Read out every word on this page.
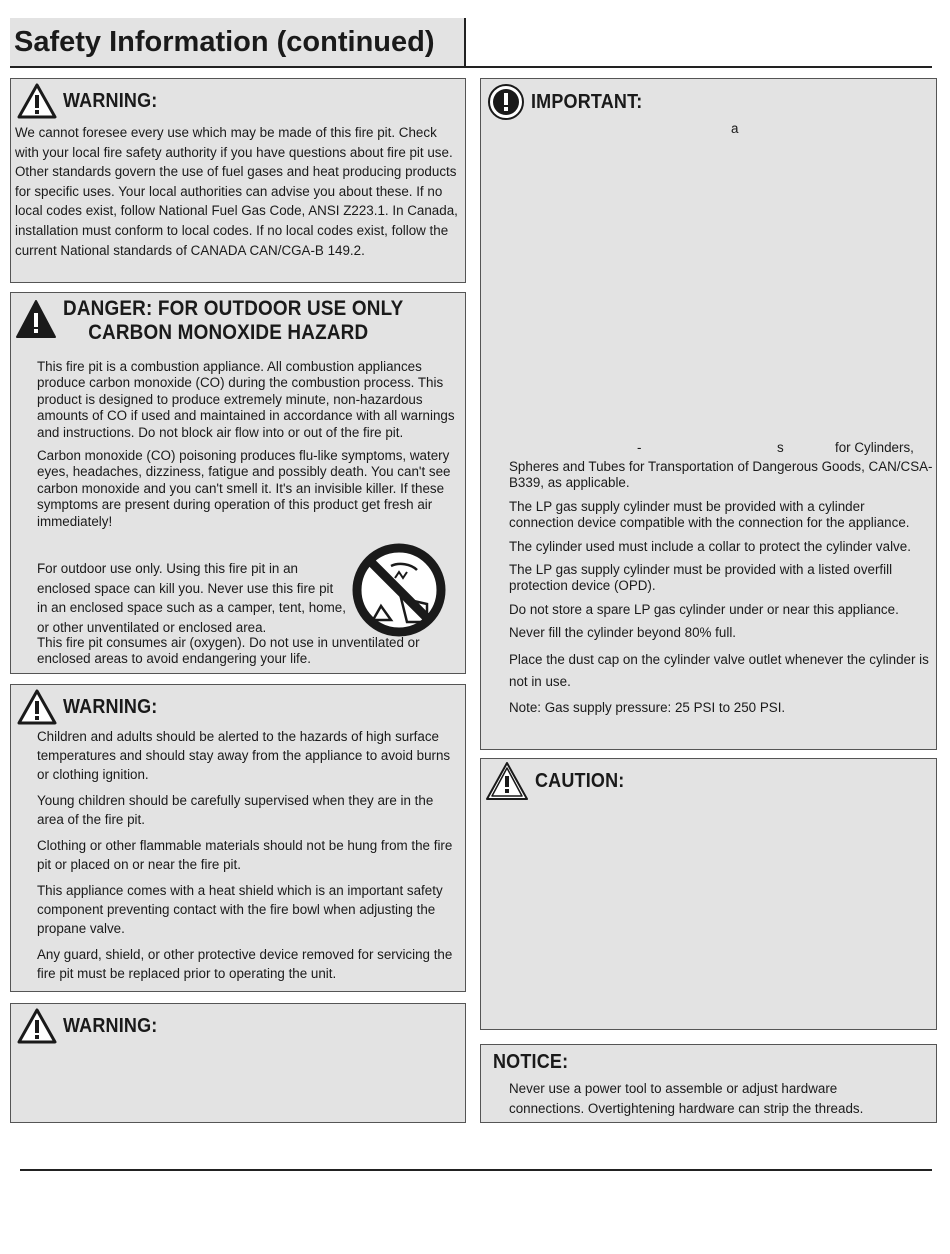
Safety Information (continued)
WARNING:

We cannot foresee every use which may be made of this fire pit. Check with your local fire safety authority if you have questions about fire pit use. Other standards govern the use of fuel gases and heat producing products for specific uses. Your local authorities can advise you about these. If no local codes exist, follow National Fuel Gas Code, ANSI Z223.1. In Canada, installation must conform to local codes. If no local codes exist, follow the current National standards of CANADA CAN/CGA-B 149.2.

DANGER: FOR OUTDOOR USE ONLY
CARBON MONOXIDE HAZARD

This fire pit is a combustion appliance. All combustion appliances produce carbon monoxide (CO) during the combustion process. This product is designed to produce extremely minute, non-hazardous amounts of CO if used and maintained in accordance with all warnings and instructions. Do not block air flow into or out of the fire pit.

Carbon monoxide (CO) poisoning produces flu-like symptoms, watery eyes, headaches, dizziness, fatigue and possibly death. You can't see carbon monoxide and you can't smell it. It's an invisible killer. If these symptoms are present during operation of this product get fresh air immediately!

For outdoor use only. Using this fire pit in an enclosed space can kill you. Never use this fire pit in an enclosed space such as a camper, tent, home, or other unventilated or enclosed area.

This fire pit consumes air (oxygen). Do not use in unventilated or enclosed areas to avoid endangering your life.

WARNING:

Children and adults should be alerted to the hazards of high surface temperatures and should stay away from the appliance to avoid burns or clothing ignition.

Young children should be carefully supervised when they are in the area of the fire pit.

Clothing or other flammable materials should not be hung from the fire pit or placed on or near the fire pit.

This appliance comes with a heat shield which is an important safety component preventing contact with the fire bowl when adjusting the propane valve.

Any guard, shield, or other protective device removed for servicing the fire pit must be replaced prior to operating the unit.

WARNING:
IMPORTANT:
a
-	s	for Cylinders,

Spheres and Tubes for Transportation of Dangerous Goods, CAN/CSA-B339, as applicable.

The LP gas supply cylinder must be provided with a cylinder connection device compatible with the connection for the appliance.

The cylinder used must include a collar to protect the cylinder valve.

The LP gas supply cylinder must be provided with a listed overfill protection device (OPD).

Do not store a spare LP gas cylinder under or near this appliance.

Never fill the cylinder beyond 80% full.

Place the dust cap on the cylinder valve outlet whenever the cylinder is not in use.

Note: Gas supply pressure: 25 PSI to 250 PSI.

CAUTION:
NOTICE:

Never use a power tool to assemble or adjust hardware connections. Overtightening hardware can strip the threads.
